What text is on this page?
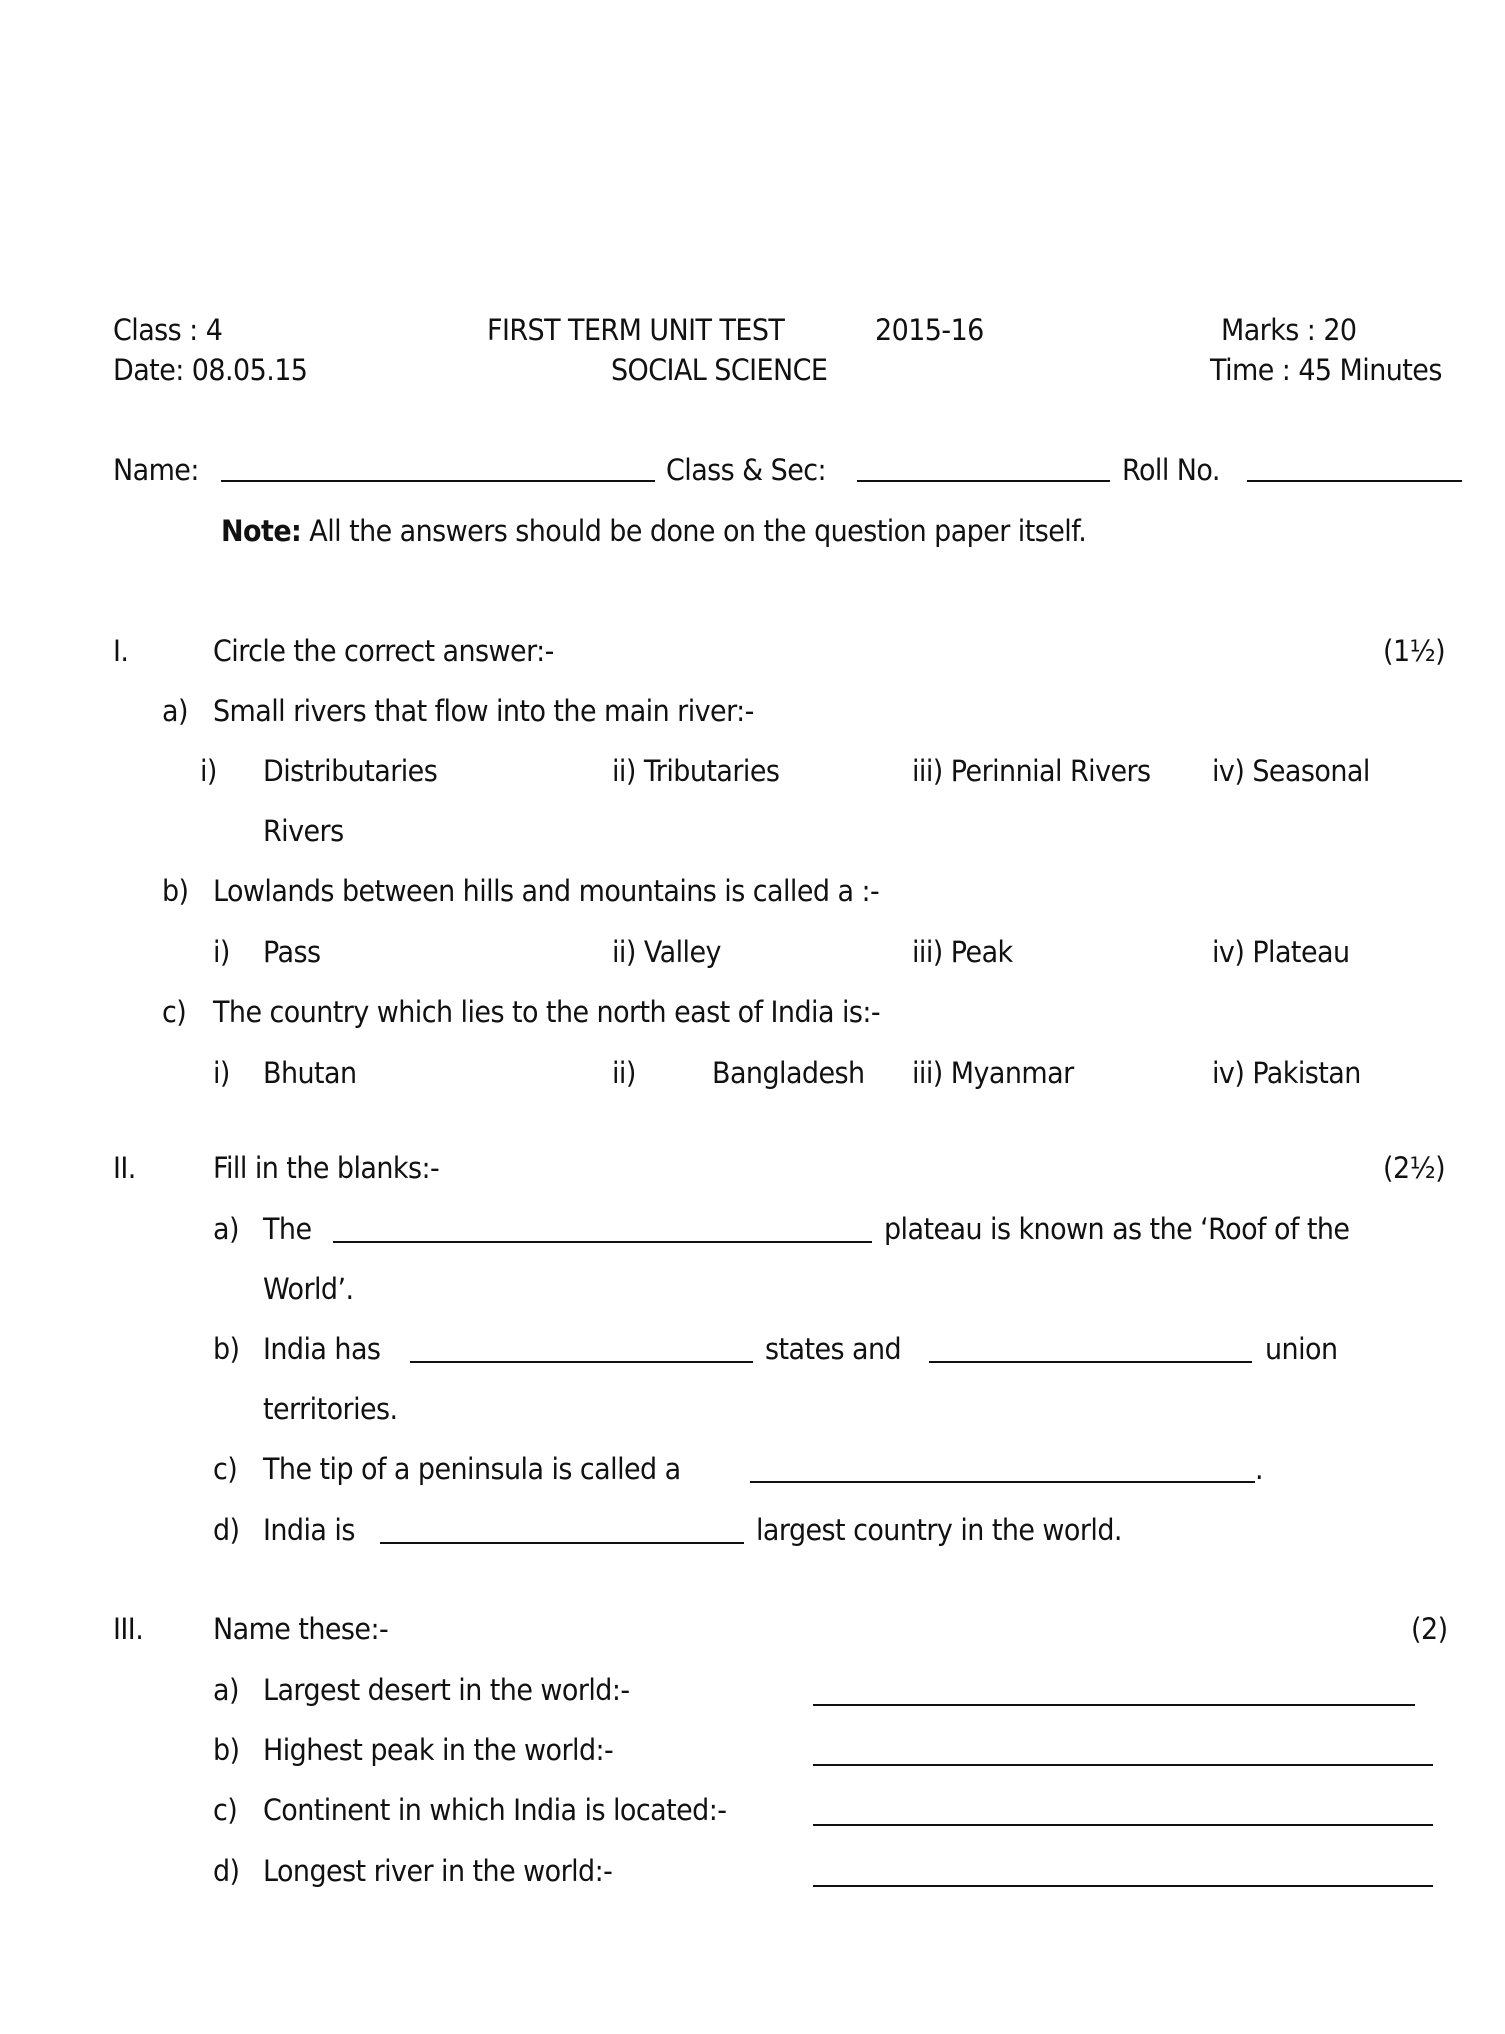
Class : 4
Date: 08.05.15
FIRST TERM UNIT TEST	2015-16
SOCIAL SCIENCE
Marks : 20
Time : 45 Minutes
Name:	Class & Sec:	Roll No.
Note: All the answers should be done on the question paper itself.
I.	Circle the correct answer:-	(1½)
a) Small rivers that flow into the main river:-
i) Distributaries	ii) Tributaries	iii) Perinnial Rivers iv) Seasonal
Rivers
b) Lowlands between hills and mountains is called a :-
i) Pass	ii) Valley	iii) Peak	iv) Plateau
c) The country which lies to the north east of India is:-
i) Bhutan	ii)	Bangladesh iii) Myanmar	iv) Pakistan
II.	Fill in the blanks:-	(2½)
a) The	plateau is known as the ‘Roof of the
World’.
b) India has	states and	union
territories.
c) The tip of a peninsula is called a	.
d) India is	largest country in the world.
III. Name these:-	(2)
a) Largest desert in the world:-
b) Highest peak in the world:-
c) Continent in which India is located:-
d) Longest river in the world:-
